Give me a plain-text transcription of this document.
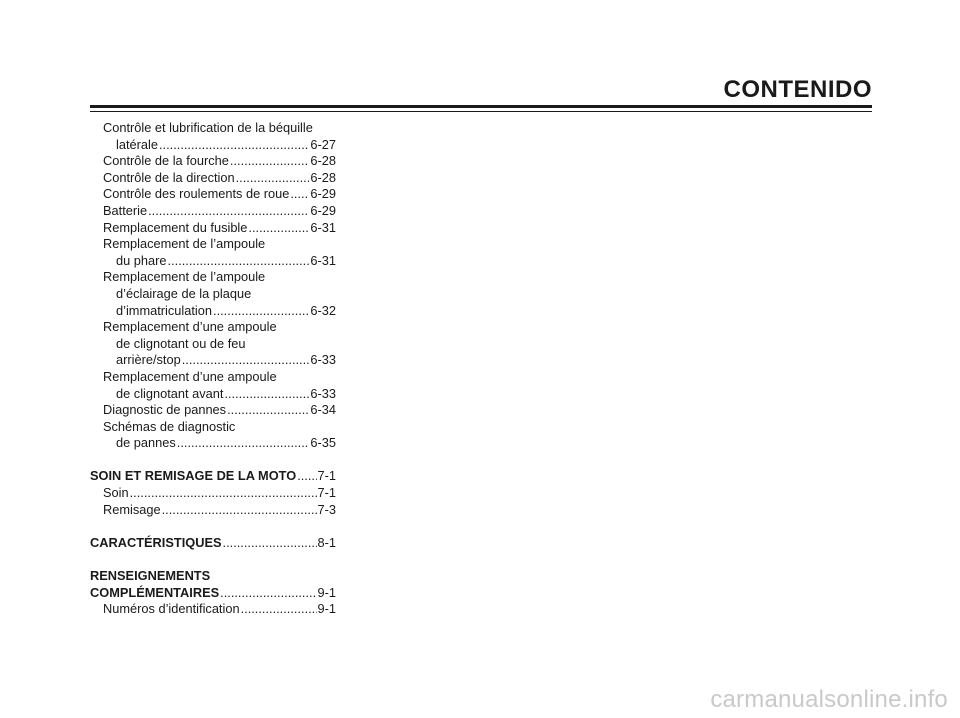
CONTENIDO
Contrôle et lubrification de la béquille
latérale .....	6-27
Contrôle de la fourche .....	6-28
Contrôle de la direction .....	6-28
Contrôle des roulements de roue ..... 6-29
Batterie .....	6-29
Remplacement du fusible .....	6-31
Remplacement de l’ampoule
du phare .....	6-31
Remplacement de l’ampoule
d’éclairage de la plaque
d’immatriculation .....	6-32
Remplacement d’une ampoule
de clignotant ou de feu
arrière/stop .....	6-33
Remplacement d’une ampoule
de clignotant avant .....	6-33
Diagnostic de pannes .....	6-34
Schémas de diagnostic
de pannes .....	6-35
SOIN ET REMISAGE DE LA MOTO ..... 7-1
Soin .....	7-1
Remisage .....	7-3
CARACTÉRISTIQUES .....	8-1
RENSEIGNEMENTS
COMPLÉMENTAIRES .....	9-1
Numéros d’identification .....	9-1
carmanualsonline.info
